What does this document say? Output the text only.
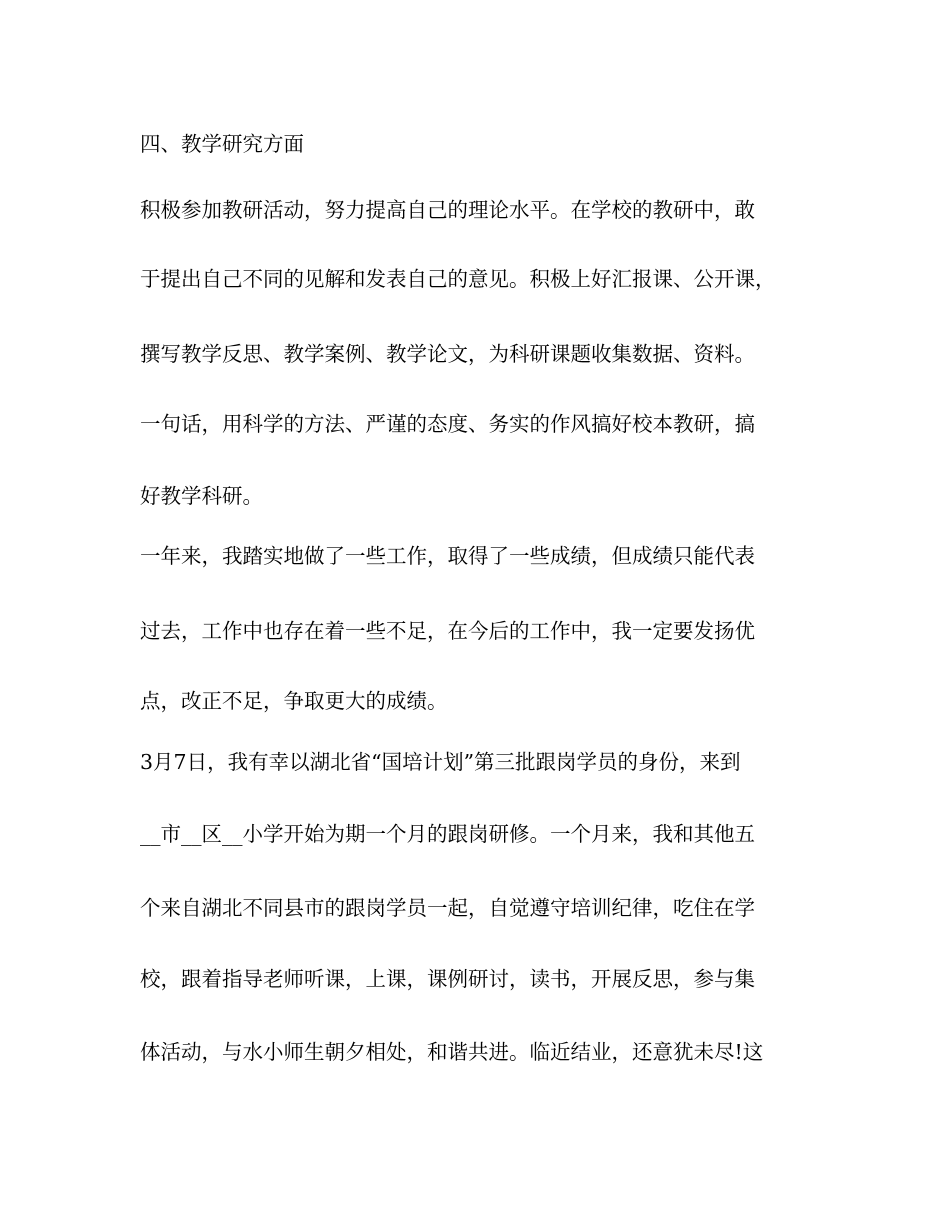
四、教学研究方面
积极参加教研活动，努力提高自己的理论水平。在学校的教研中，敢
于提出自己不同的见解和发表自己的意见。积极上好汇报课、公开课，
撰写教学反思、教学案例、教学论文，为科研课题收集数据、资料。
一句话，用科学的方法、严谨的态度、务实的作风搞好校本教研，搞
好教学科研。
一年来，我踏实地做了一些工作，取得了一些成绩，但成绩只能代表
过去，工作中也存在着一些不足，在今后的工作中，我一定要发扬优
点，改正不足，争取更大的成绩。
3月7日，我有幸以湖北省“国培计划”第三批跟岗学员的身份，来到
__市__区__小学开始为期一个月的跟岗研修。一个月来，我和其他五
个来自湖北不同县市的跟岗学员一起，自觉遵守培训纪律，吃住在学
校，跟着指导老师听课，上课，课例研讨，读书，开展反思，参与集
体活动，与水小师生朝夕相处，和谐共进。临近结业，还意犹未尽!这
